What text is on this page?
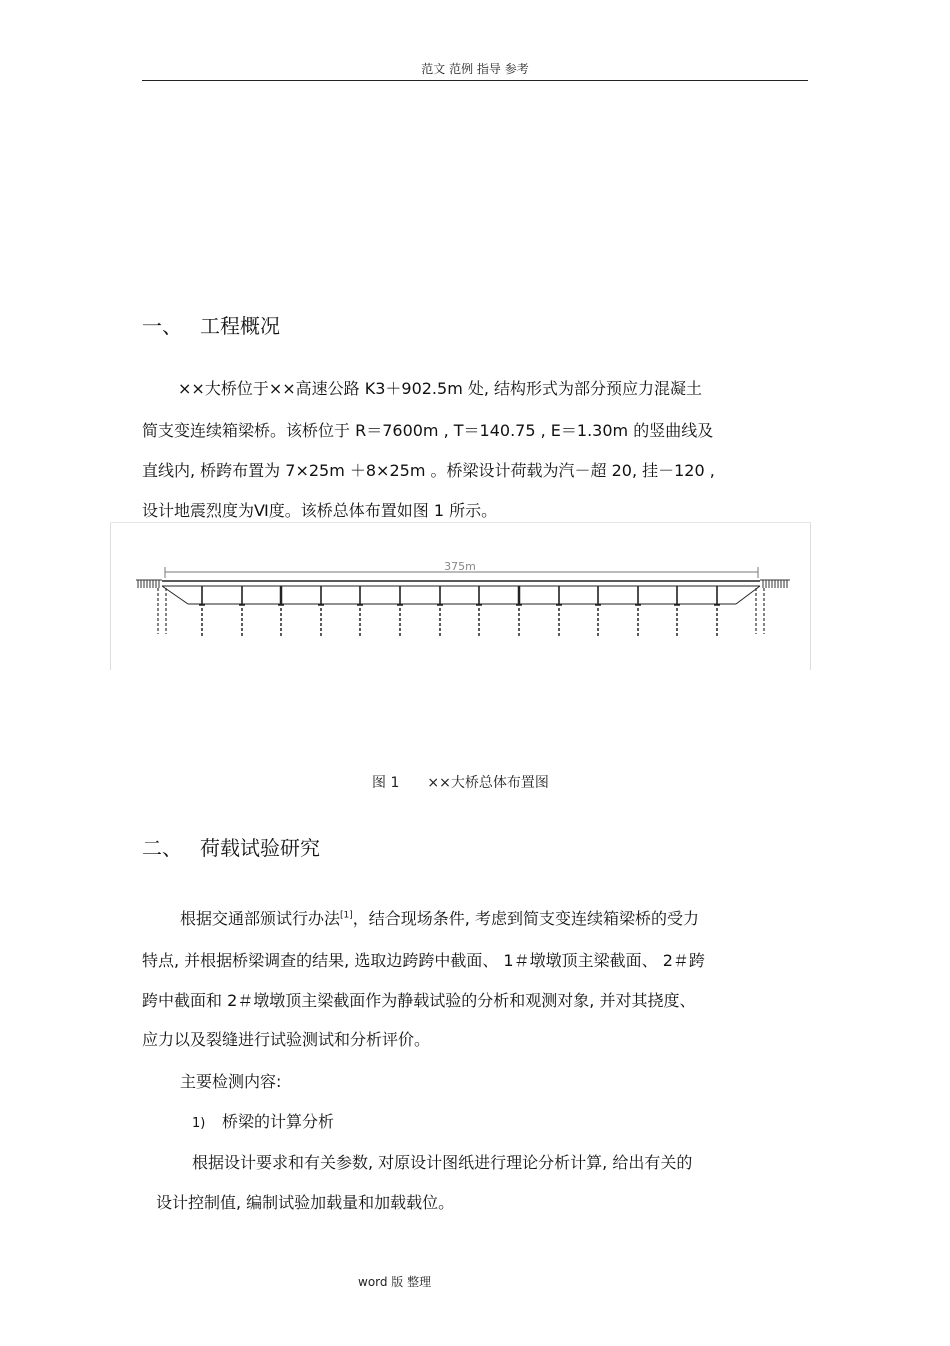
范文 范例 指导 参考
一、 工程概况
××大桥位于××高速公路 K3＋902.5m 处, 结构形式为部分预应力混凝土
简支变连续箱梁桥。该桥位于 R＝7600m , T＝140.75 , E＝1.30m 的竖曲线及
直线内, 桥跨布置为 7×25m ＋8×25m 。桥梁设计荷载为汽－超 20, 挂－120 ,
设计地震烈度为Ⅵ度。该桥总体布置如图 1 所示。
375m
图 1 ××大桥总体布置图
二、 荷载试验研究
根据交通部颁试行办法[1]，结合现场条件, 考虑到简支变连续箱梁桥的受力
特点, 并根据桥梁调查的结果, 选取边跨跨中截面、 1＃墩墩顶主梁截面、 2＃跨
跨中截面和 2＃墩墩顶主梁截面作为静载试验的分析和观测对象, 并对其挠度、
应力以及裂缝进行试验测试和分析评价。
主要检测内容:
1) 桥梁的计算分析
根据设计要求和有关参数, 对原设计图纸进行理论分析计算, 给出有关的
设计控制值, 编制试验加载量和加载载位。
word 版 整理
